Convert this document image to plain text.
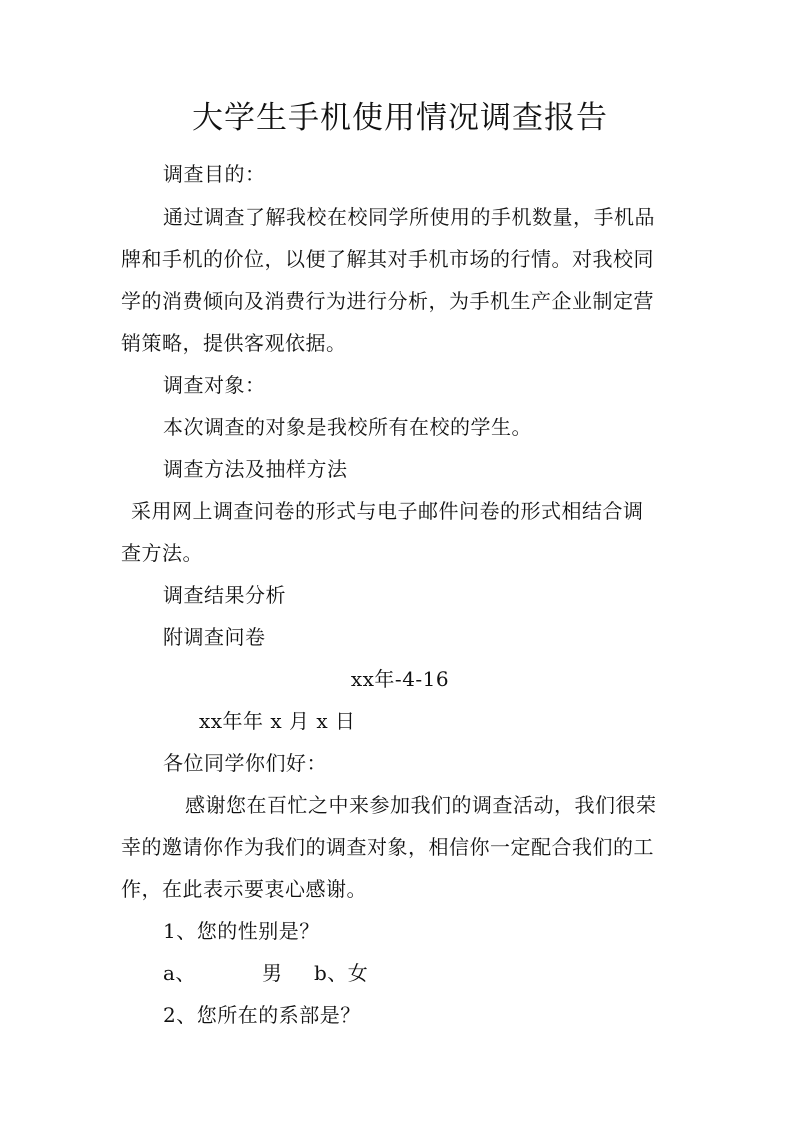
大学生手机使用情况调查报告
调查目的：
通过调查了解我校在校同学所使用的手机数量，手机品
牌和手机的价位，以便了解其对手机市场的行情。对我校同
学的消费倾向及消费行为进行分析，为手机生产企业制定营
销策略，提供客观依据。
调查对象：
本次调查的对象是我校所有在校的学生。
调查方法及抽样方法
采用网上调查问卷的形式与电子邮件问卷的形式相结合调
查方法。
调查结果分析
附调查问卷
xx年-4-16
xx年年 x 月 x 日
各位同学你们好：
感谢您在百忙之中来参加我们的调查活动，我们很荣
幸的邀请你作为我们的调查对象，相信你一定配合我们的工
作，在此表示要衷心感谢。
1、您的性别是？
a、	男 b、女
2、您所在的系部是？
